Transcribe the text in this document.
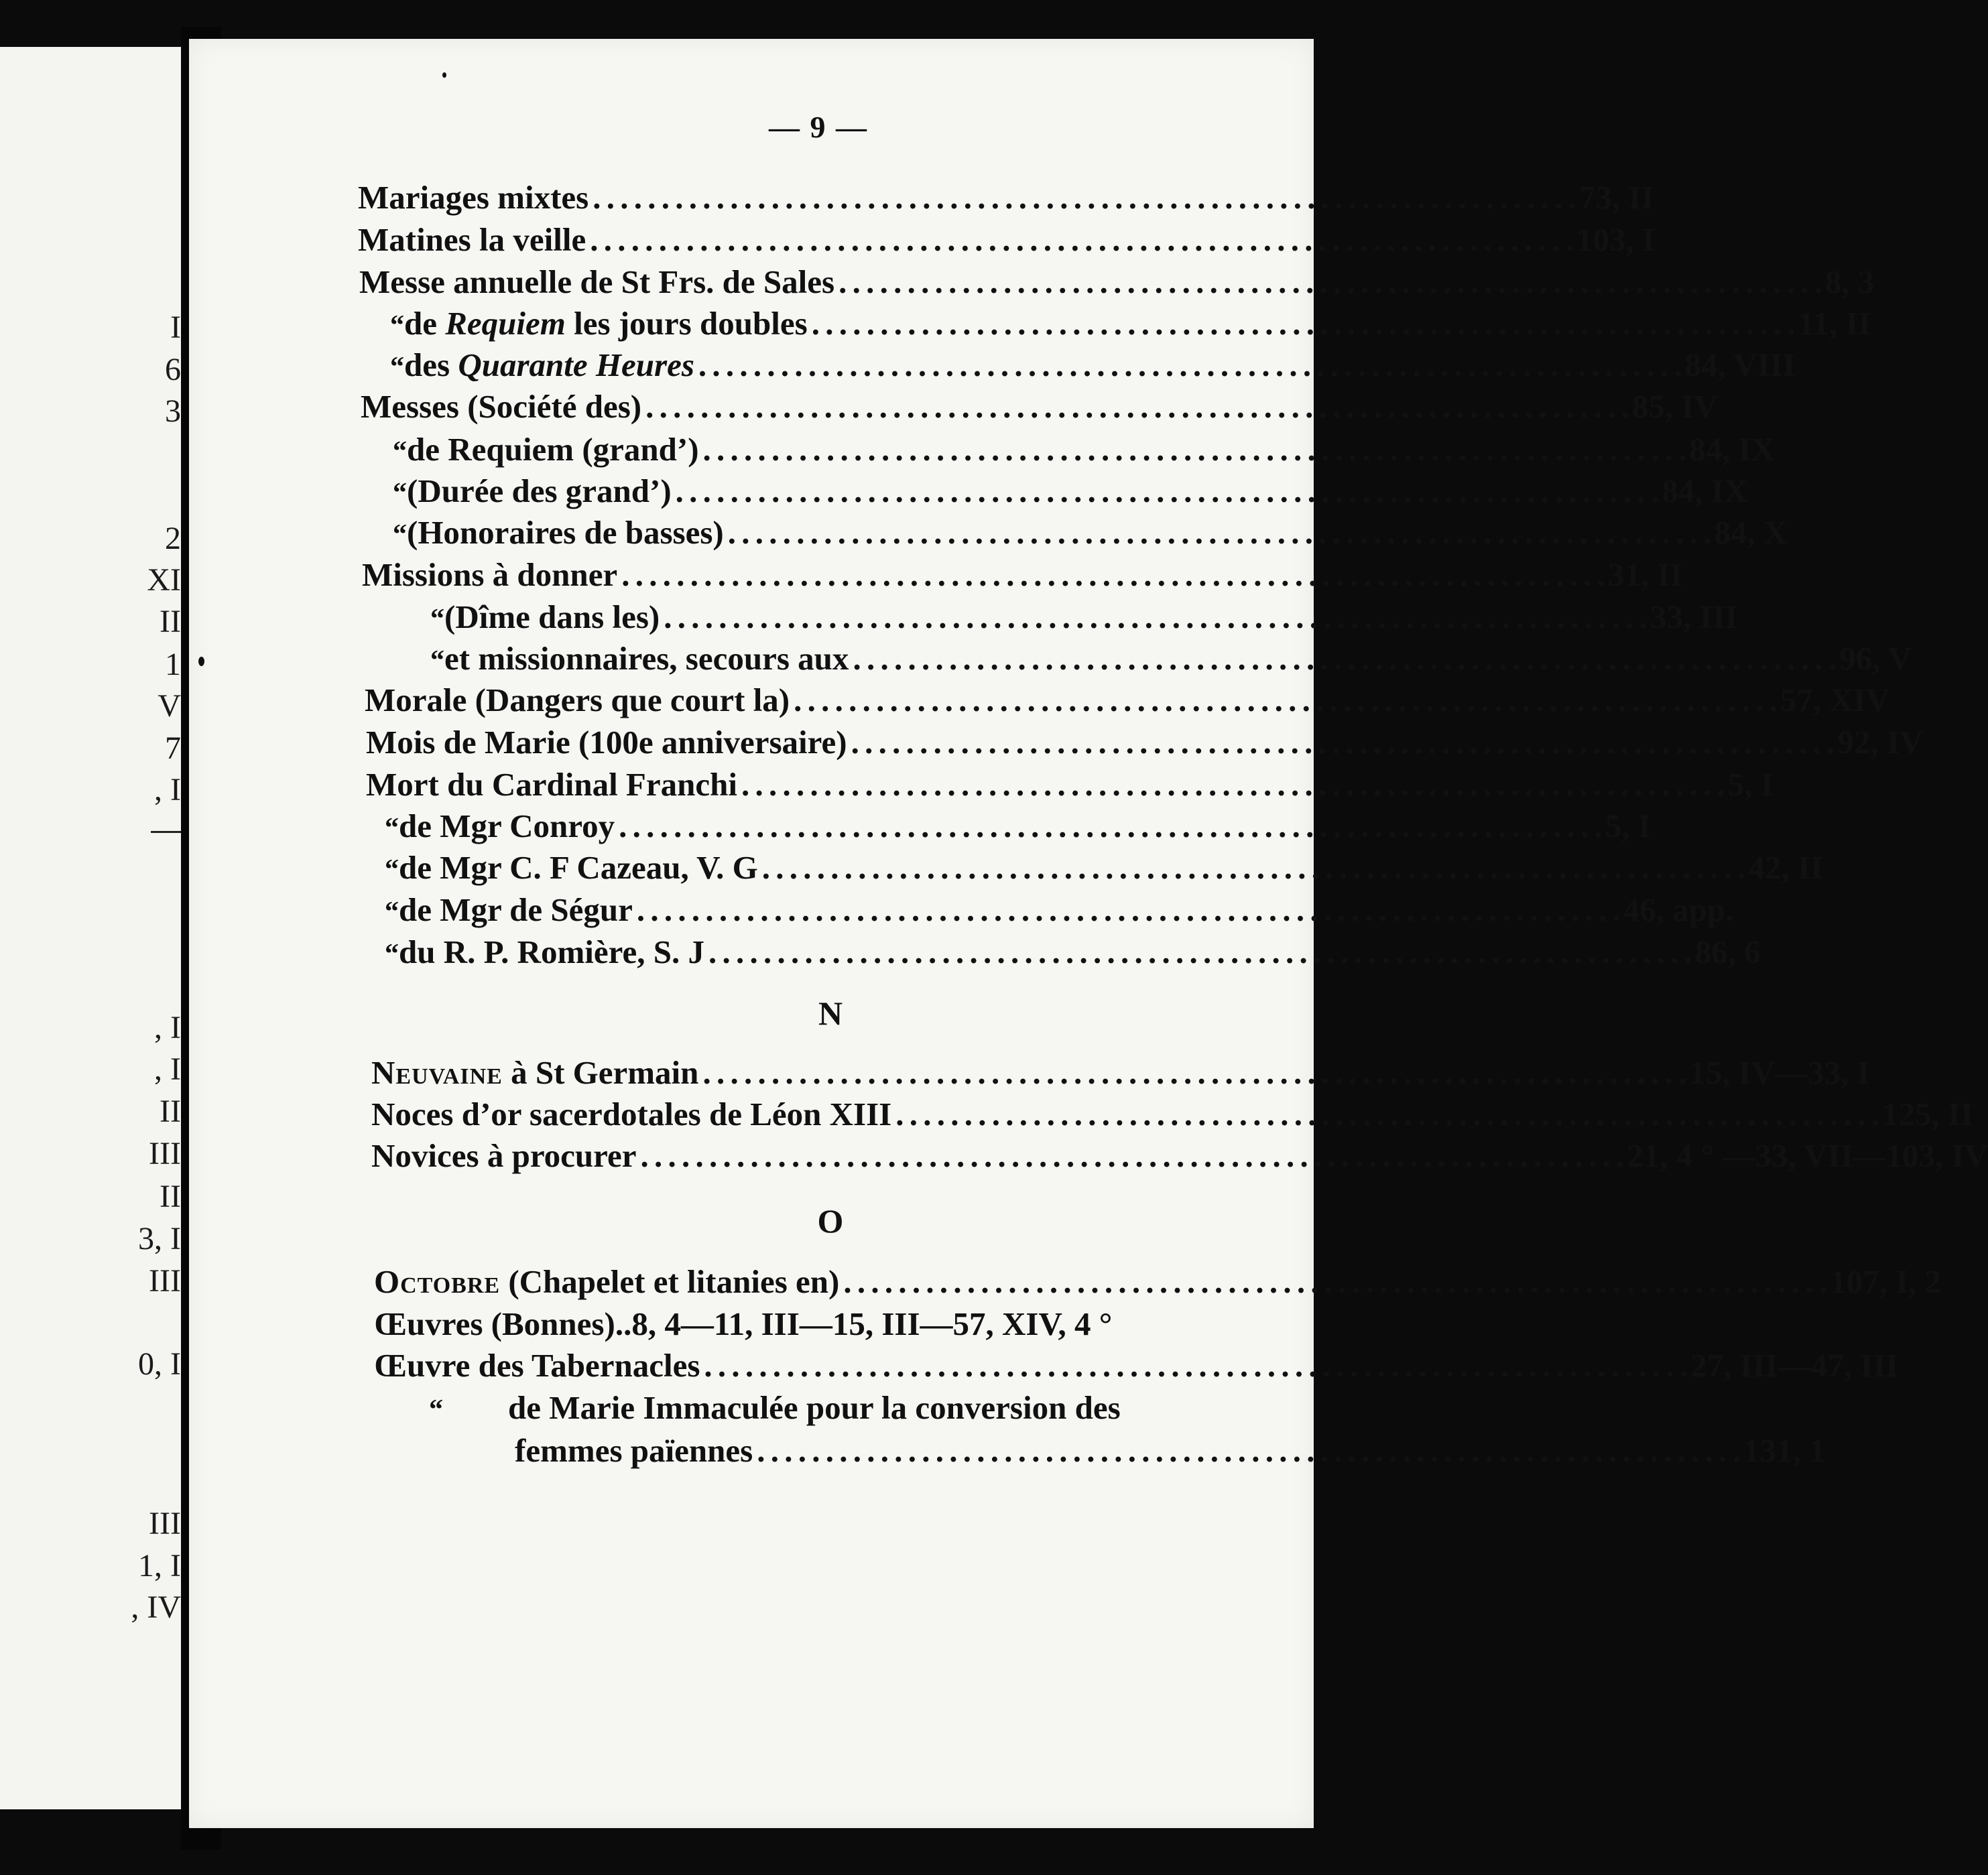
I
6
3
2
XI
II
1
V
7
, I
, I
, I
II
III
II
3, I
III
0, I
III
1, I
, IV
— 9 —
Mariages mixtes . . .	73, II
Matines la veille . . .	103, I
Messe annuelle de St Frs. de Sales . . .	8, 3
“ de Requiem les jours doubles . . .	11, II
“ des Quarante Heures . . .	84, VIII
Messes (Société des) . . .	85, IV
“ de Requiem (grand’) . . .	84, IX
“ (Durée des grand’) . . .	84, IX
“ (Honoraires de basses) . . .	84, X
Missions à donner . . .	31, II
“ (Dîme dans les) . . .	33, III
“ et missionnaires, secours aux . . .	96, V
Morale (Dangers que court la) . . .	57, XIV
Mois de Marie (100e anniversaire) . . .	92, IV
Mort du Cardinal Franchi . . .	5, I
“ de Mgr Conroy . . .	5, I
“ de Mgr C. F Cazeau, V. G . . .	42, II
“ de Mgr de Ségur . . .	46, app.
“ du R. P. Romière, S. J . . .	86, 6
N
Neuvaine à St Germain . . .	15, IV—33, I
Noces d’or sacerdotales de Léon XIII . . .	125, II
Novices à procurer . . .	21, 4 ° —33, VII—103, IV
O
Octobre (Chapelet et litanies en) . . .	107, I, 2
Œuvres (Bonnes)..8, 4—11, III—15, III—57, XIV, 4 °
Œuvre des Tabernacles . . .	27, III—47, III
“	de Marie Immaculée pour la conversion des
femmes païennes . . .	131, 1
